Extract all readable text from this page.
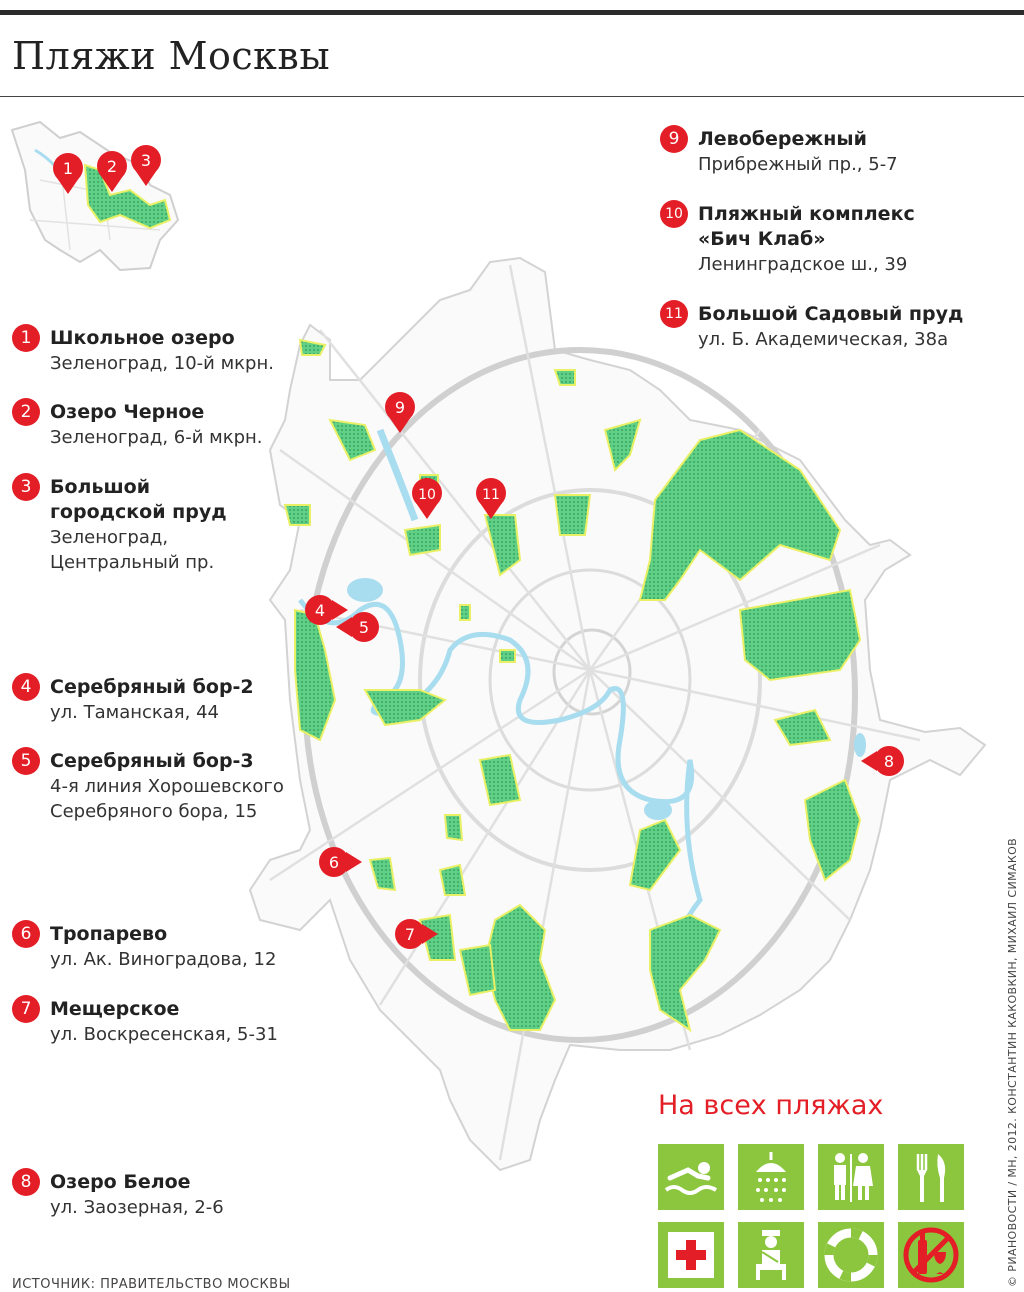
Пляжи Москвы
1 2 3
9
10	11
4
5
6
7
8
1 Школьное озеро
Зеленоград, 10-й мкрн.
2 Озеро Черное
Зеленоград, 6-й мкрн.
3 Большой
городской пруд
Зеленоград,
Центральный пр.
4 Серебряный бор-2
ул. Таманская, 44
5 Серебряный бор-3
4-я линия Хорошевского
Серебряного бора, 15
6 Тропарево
ул. Ак. Виноградова, 12
7 Мещерское
ул. Воскресенская, 5-31
8 Озеро Белое
ул. Заозерная, 2-6
9 Левобережный
Прибрежный пр., 5-7
10 Пляжный комплекс
«Бич Клаб»
Ленинградское ш., 39
11 Большой Садовый пруд
ул. Б. Академическая, 38а
На всех пляжах
ИСТОЧНИК: ПРАВИТЕЛЬСТВО МОСКВЫ	© РИАНОВОСТИ / МН, 2012. КОНСТАНТИН КАКОВКИН, МИХАИЛ СИМАКОВ
